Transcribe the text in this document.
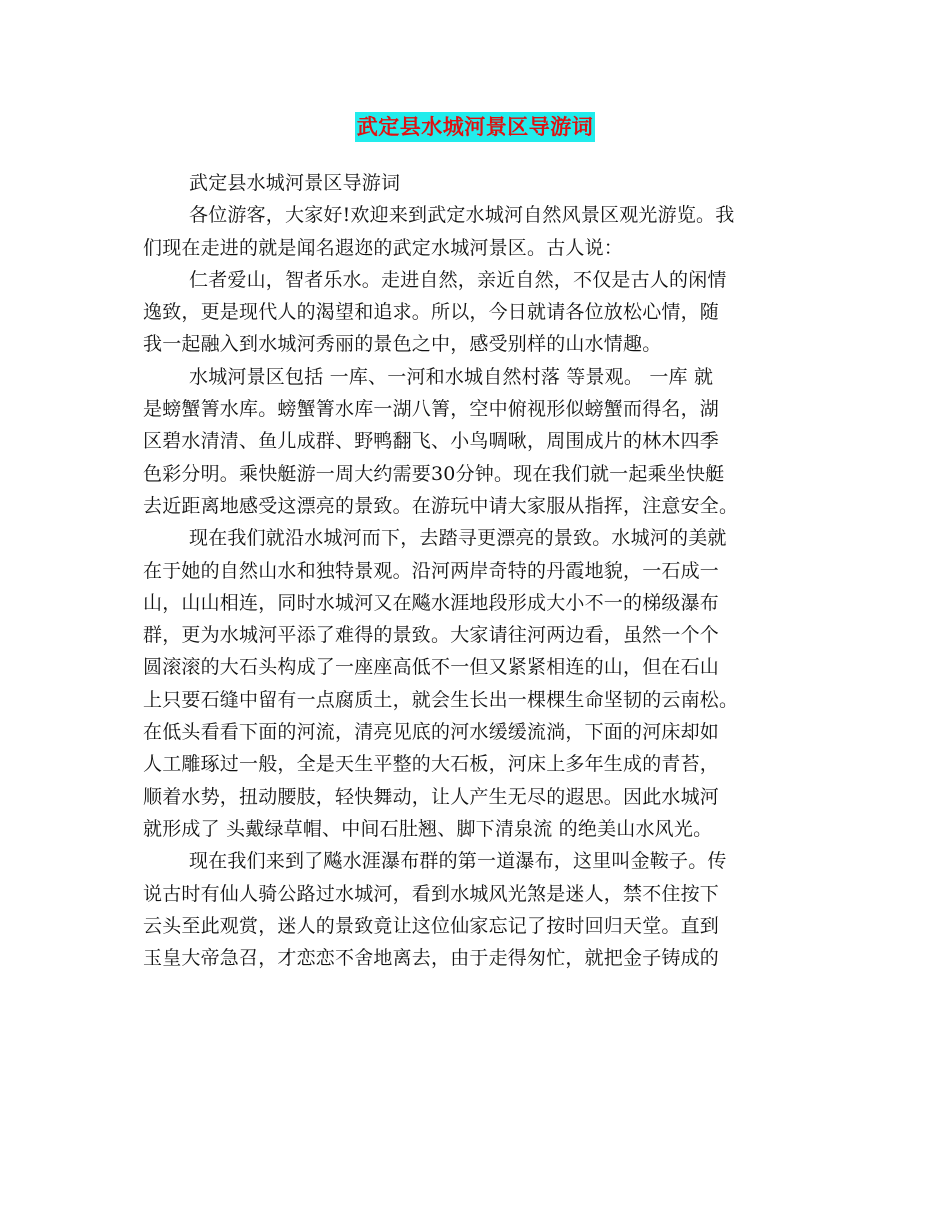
武定县水城河景区导游词
武定县水城河景区导游词
各位游客，大家好!欢迎来到武定水城河自然风景区观光游览。我
们现在走进的就是闻名遐迩的武定水城河景区。古人说：
仁者爱山，智者乐水。走进自然，亲近自然，不仅是古人的闲情
逸致，更是现代人的渴望和追求。所以，今日就请各位放松心情，随
我一起融入到水城河秀丽的景色之中，感受别样的山水情趣。
水城河景区包括 一库、一河和水城自然村落 等景观。 一库 就
是螃蟹箐水库。螃蟹箐水库一湖八箐，空中俯视形似螃蟹而得名，湖
区碧水清清、鱼儿成群、野鸭翻飞、小鸟啁啾，周围成片的林木四季
色彩分明。乘快艇游一周大约需要30分钟。现在我们就一起乘坐快艇
去近距离地感受这漂亮的景致。在游玩中请大家服从指挥，注意安全。
现在我们就沿水城河而下，去踏寻更漂亮的景致。水城河的美就
在于她的自然山水和独特景观。沿河两岸奇特的丹霞地貌，一石成一
山，山山相连，同时水城河又在飚水涯地段形成大小不一的梯级瀑布
群，更为水城河平添了难得的景致。大家请往河两边看，虽然一个个
圆滚滚的大石头构成了一座座高低不一但又紧紧相连的山，但在石山
上只要石缝中留有一点腐质土，就会生长出一棵棵生命坚韧的云南松。
在低头看看下面的河流，清亮见底的河水缓缓流淌，下面的河床却如
人工雕琢过一般，全是天生平整的大石板，河床上多年生成的青苔，
顺着水势，扭动腰肢，轻快舞动，让人产生无尽的遐思。因此水城河
就形成了 头戴绿草帽、中间石肚翘、脚下清泉流 的绝美山水风光。
现在我们来到了飚水涯瀑布群的第一道瀑布，这里叫金鞍子。传
说古时有仙人骑公路过水城河，看到水城风光煞是迷人，禁不住按下
云头至此观赏，迷人的景致竟让这位仙家忘记了按时回归天堂。直到
玉皇大帝急召，才恋恋不舍地离去，由于走得匆忙，就把金子铸成的
